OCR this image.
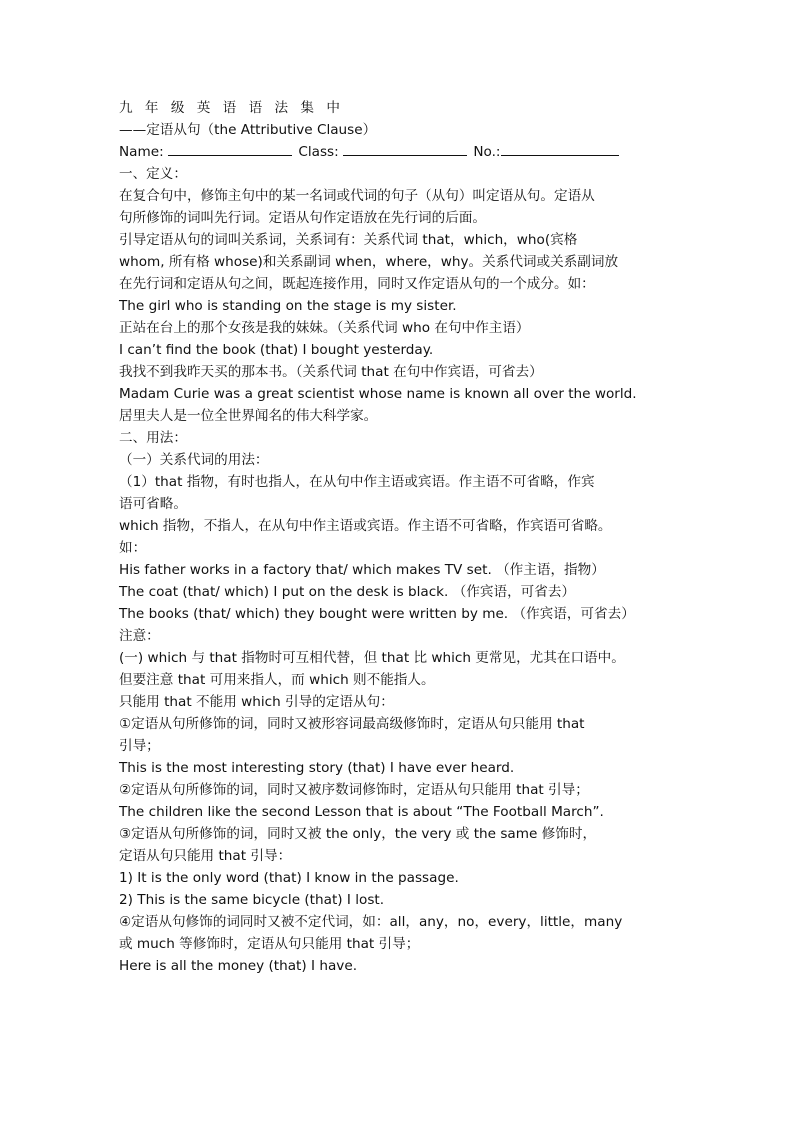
九 年 级 英 语 语 法 集 中
——定语从句（the Attributive Clause）
Name:	Class:	No.:
一、定义：
在复合句中，修饰主句中的某一名词或代词的句子（从句）叫定语从句。定语从
句所修饰的词叫先行词。定语从句作定语放在先行词的后面。
引导定语从句的词叫关系词，关系词有：关系代词 that，which，who(宾格
whom, 所有格 whose)和关系副词 when，where，why。关系代词或关系副词放
在先行词和定语从句之间，既起连接作用，同时又作定语从句的一个成分。如：
The girl who is standing on the stage is my sister.
正站在台上的那个女孩是我的妹妹。（关系代词 who 在句中作主语）
I can’t find the book (that) I bought yesterday.
我找不到我昨天买的那本书。（关系代词 that 在句中作宾语，可省去）
Madam Curie was a great scientist whose name is known all over the world.
居里夫人是一位全世界闻名的伟大科学家。
二、用法：
（一）关系代词的用法：
（1）that 指物，有时也指人，在从句中作主语或宾语。作主语不可省略，作宾
语可省略。
which 指物，不指人，在从句中作主语或宾语。作主语不可省略，作宾语可省略。
如：
His father works in a factory that/ which makes TV set. （作主语，指物）
The coat (that/ which) I put on the desk is black. （作宾语，可省去）
The books (that/ which) they bought were written by me. （作宾语，可省去）
注意：
(一) which 与 that 指物时可互相代替，但 that 比 which 更常见，尤其在口语中。
但要注意 that 可用来指人，而 which 则不能指人。
只能用 that 不能用 which 引导的定语从句：
①定语从句所修饰的词，同时又被形容词最高级修饰时，定语从句只能用 that
引导；
This is the most interesting story (that) I have ever heard.
②定语从句所修饰的词，同时又被序数词修饰时，定语从句只能用 that 引导；
The children like the second Lesson that is about “The Football March”.
③定语从句所修饰的词，同时又被 the only，the very 或 the same 修饰时，
定语从句只能用 that 引导：
1) It is the only word (that) I know in the passage.
2) This is the same bicycle (that) I lost.
④定语从句修饰的词同时又被不定代词，如：all，any，no，every，little，many
或 much 等修饰时，定语从句只能用 that 引导；
Here is all the money (that) I have.
